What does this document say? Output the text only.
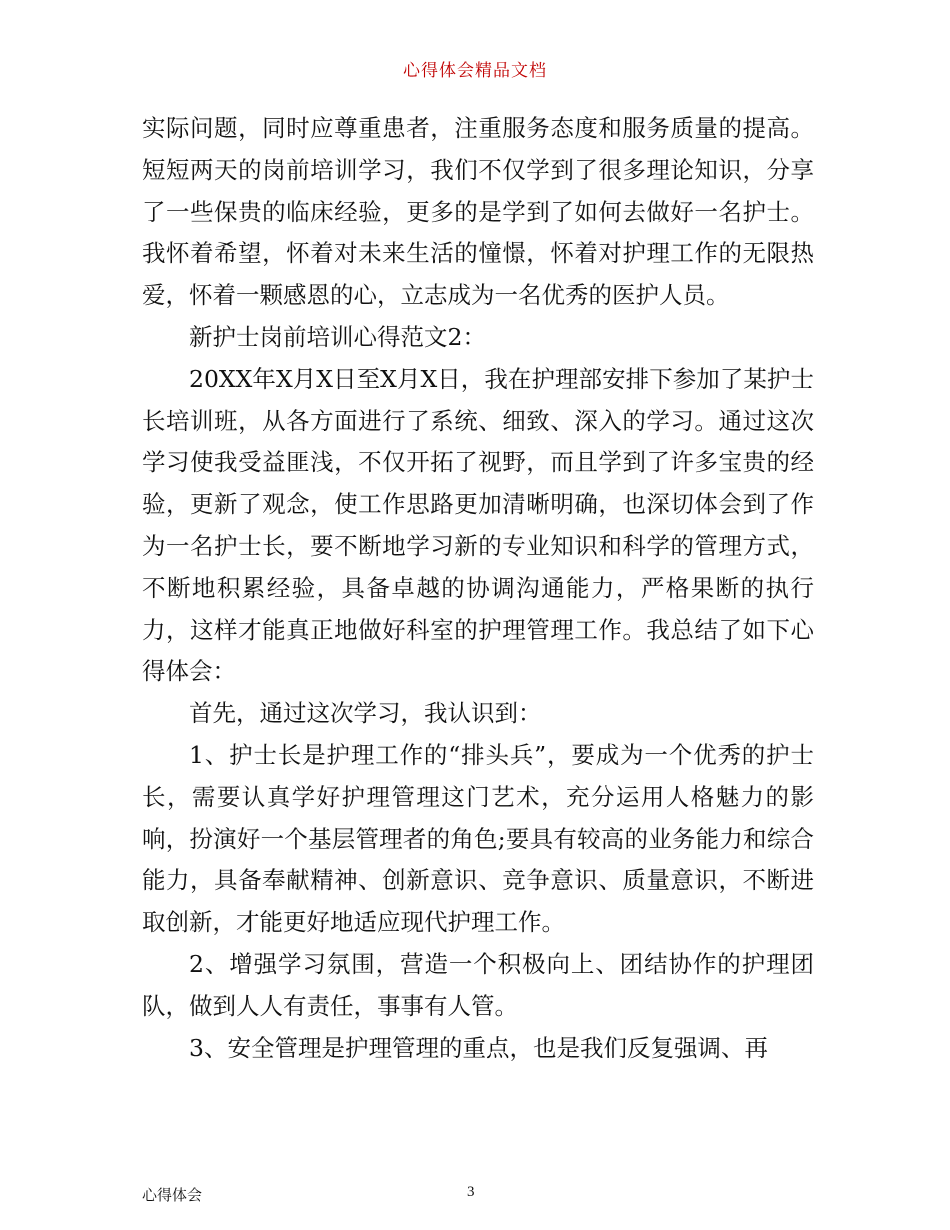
心得体会精品文档

实际问题，同时应尊重患者，注重服务态度和服务质量的提高。短短两天的岗前培训学习，我们不仅学到了很多理论知识，分享了一些保贵的临床经验，更多的是学到了如何去做好一名护士。我怀着希望，怀着对未来生活的憧憬，怀着对护理工作的无限热爱，怀着一颗感恩的心，立志成为一名优秀的医护人员。

新护士岗前培训心得范文2：

20XX年X月X日至X月X日，我在护理部安排下参加了某护士长培训班，从各方面进行了系统、细致、深入的学习。通过这次学习使我受益匪浅，不仅开拓了视野，而且学到了许多宝贵的经验，更新了观念，使工作思路更加清晰明确，也深切体会到了作为一名护士长，要不断地学习新的专业知识和科学的管理方式，不断地积累经验，具备卓越的协调沟通能力，严格果断的执行力，这样才能真正地做好科室的护理管理工作。我总结了如下心得体会：

首先，通过这次学习，我认识到：

1、护士长是护理工作的“排头兵”，要成为一个优秀的护士长，需要认真学好护理管理这门艺术，充分运用人格魅力的影响，扮演好一个基层管理者的角色;要具有较高的业务能力和综合能力，具备奉献精神、创新意识、竞争意识、质量意识，不断进取创新，才能更好地适应现代护理工作。

2、增强学习氛围，营造一个积极向上、团结协作的护理团队，做到人人有责任，事事有人管。

3、安全管理是护理管理的重点，也是我们反复强调、再

心得体会	3
